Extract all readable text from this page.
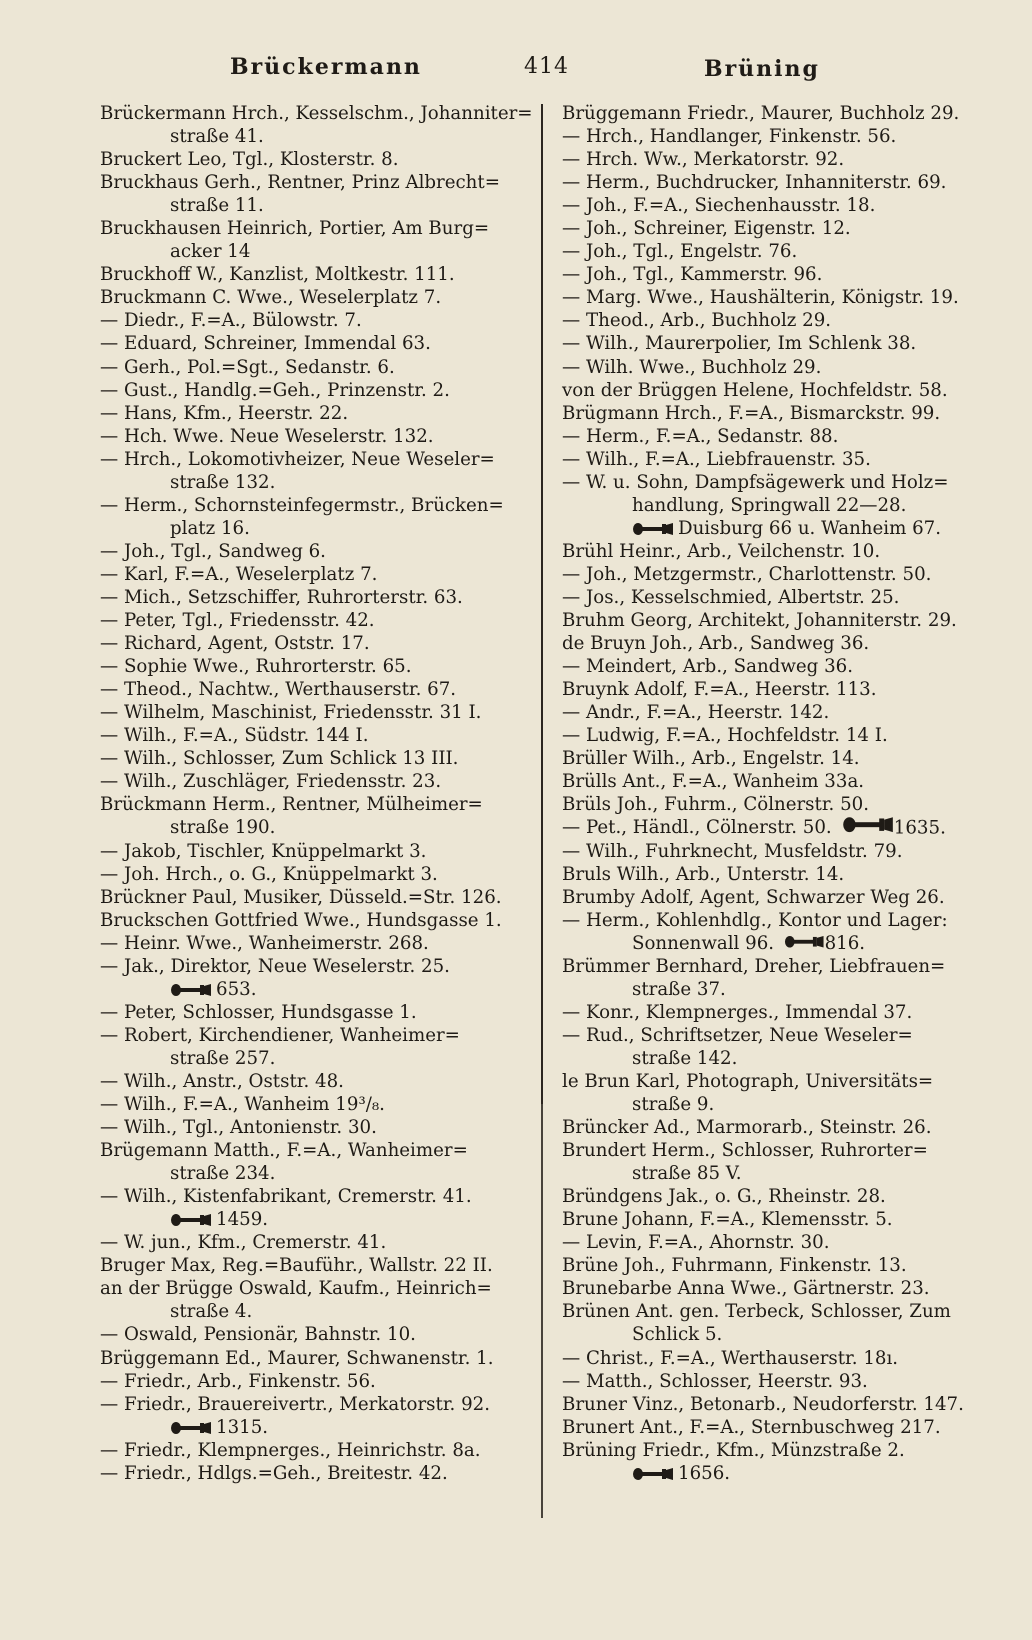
Brückermann	414	Brüning
Brückermann Hrch., Kesselschm., Johanniter=
straße 41.
Bruckert Leo, Tgl., Klosterstr. 8.
Bruckhaus Gerh., Rentner, Prinz Albrecht=
straße 11.
Bruckhausen Heinrich, Portier, Am Burg=
acker 14
Bruckhoff W., Kanzlist, Moltkestr. 111.
Bruckmann C. Wwe., Weselerplatz 7.
— Diedr., F.=A., Bülowstr. 7.
— Eduard, Schreiner, Immendal 63.
— Gerh., Pol.=Sgt., Sedanstr. 6.
— Gust., Handlg.=Geh., Prinzenstr. 2.
— Hans, Kfm., Heerstr. 22.
— Hch. Wwe. Neue Weselerstr. 132.
— Hrch., Lokomotivheizer, Neue Weseler=
straße 132.
— Herm., Schornsteinfegermstr., Brücken=
platz 16.
— Joh., Tgl., Sandweg 6.
— Karl, F.=A., Weselerplatz 7.
— Mich., Setzschiffer, Ruhrorterstr. 63.
— Peter, Tgl., Friedensstr. 42.
— Richard, Agent, Oststr. 17.
— Sophie Wwe., Ruhrorterstr. 65.
— Theod., Nachtw., Werthauserstr. 67.
— Wilhelm, Maschinist, Friedensstr. 31 I.
— Wilh., F.=A., Südstr. 144 I.
— Wilh., Schlosser, Zum Schlick 13 III.
— Wilh., Zuschläger, Friedensstr. 23.
Brückmann Herm., Rentner, Mülheimer=
straße 190.
— Jakob, Tischler, Knüppelmarkt 3.
— Joh. Hrch., o. G., Knüppelmarkt 3.
Brückner Paul, Musiker, Düsseld.=Str. 126.
Bruckschen Gottfried Wwe., Hundsgasse 1.
— Heinr. Wwe., Wanheimerstr. 268.
— Jak., Direktor, Neue Weselerstr. 25.
653.
— Peter, Schlosser, Hundsgasse 1.
— Robert, Kirchendiener, Wanheimer=
straße 257.
— Wilh., Anstr., Oststr. 48.
— Wilh., F.=A., Wanheim 19³/₈.
— Wilh., Tgl., Antonienstr. 30.
Brügemann Matth., F.=A., Wanheimer=
straße 234.
— Wilh., Kistenfabrikant, Cremerstr. 41.
1459.
— W. jun., Kfm., Cremerstr. 41.
Bruger Max, Reg.=Bauführ., Wallstr. 22 II.
an der Brügge Oswald, Kaufm., Heinrich=
straße 4.
— Oswald, Pensionär, Bahnstr. 10.
Brüggemann Ed., Maurer, Schwanenstr. 1.
— Friedr., Arb., Finkenstr. 56.
— Friedr., Brauereivertr., Merkatorstr. 92.
1315.
— Friedr., Klempnerges., Heinrichstr. 8a.
— Friedr., Hdlgs.=Geh., Breitestr. 42.
Brüggemann Friedr., Maurer, Buchholz 29.
— Hrch., Handlanger, Finkenstr. 56.
— Hrch. Ww., Merkatorstr. 92.
— Herm., Buchdrucker, Inhanniterstr. 69.
— Joh., F.=A., Siechenhausstr. 18.
— Joh., Schreiner, Eigenstr. 12.
— Joh., Tgl., Engelstr. 76.
— Joh., Tgl., Kammerstr. 96.
— Marg. Wwe., Haushälterin, Königstr. 19.
— Theod., Arb., Buchholz 29.
— Wilh., Maurerpolier, Im Schlenk 38.
— Wilh. Wwe., Buchholz 29.
von der Brüggen Helene, Hochfeldstr. 58.
Brügmann Hrch., F.=A., Bismarckstr. 99.
— Herm., F.=A., Sedanstr. 88.
— Wilh., F.=A., Liebfrauenstr. 35.
— W. u. Sohn, Dampfsägewerk und Holz=
handlung, Springwall 22—28.
Duisburg 66 u. Wanheim 67.
Brühl Heinr., Arb., Veilchenstr. 10.
— Joh., Metzgermstr., Charlottenstr. 50.
— Jos., Kesselschmied, Albertstr. 25.
Bruhm Georg, Architekt, Johanniterstr. 29.
de Bruyn Joh., Arb., Sandweg 36.
— Meindert, Arb., Sandweg 36.
Bruynk Adolf, F.=A., Heerstr. 113.
— Andr., F.=A., Heerstr. 142.
— Ludwig, F.=A., Hochfeldstr. 14 I.
Brüller Wilh., Arb., Engelstr. 14.
Brülls Ant., F.=A., Wanheim 33a.
Brüls Joh., Fuhrm., Cölnerstr. 50.
— Pet., Händl., Cölnerstr. 50.	1635.
— Wilh., Fuhrknecht, Musfeldstr. 79.
Bruls Wilh., Arb., Unterstr. 14.
Brumby Adolf, Agent, Schwarzer Weg 26.
— Herm., Kohlenhdlg., Kontor und Lager:
Sonnenwall 96.	816.
Brümmer Bernhard, Dreher, Liebfrauen=
straße 37.
— Konr., Klempnerges., Immendal 37.
— Rud., Schriftsetzer, Neue Weseler=
straße 142.
le Brun Karl, Photograph, Universitäts=
straße 9.
Brüncker Ad., Marmorarb., Steinstr. 26.
Brundert Herm., Schlosser, Ruhrorter=
straße 85 V.
Bründgens Jak., o. G., Rheinstr. 28.
Brune Johann, F.=A., Klemensstr. 5.
— Levin, F.=A., Ahornstr. 30.
Brüne Joh., Fuhrmann, Finkenstr. 13.
Brunebarbe Anna Wwe., Gärtnerstr. 23.
Brünen Ant. gen. Terbeck, Schlosser, Zum
Schlick 5.
— Christ., F.=A., Werthauserstr. 18ı.
— Matth., Schlosser, Heerstr. 93.
Bruner Vinz., Betonarb., Neudorferstr. 147.
Brunert Ant., F.=A., Sternbuschweg 217.
Brüning Friedr., Kfm., Münzstraße 2.
1656.
